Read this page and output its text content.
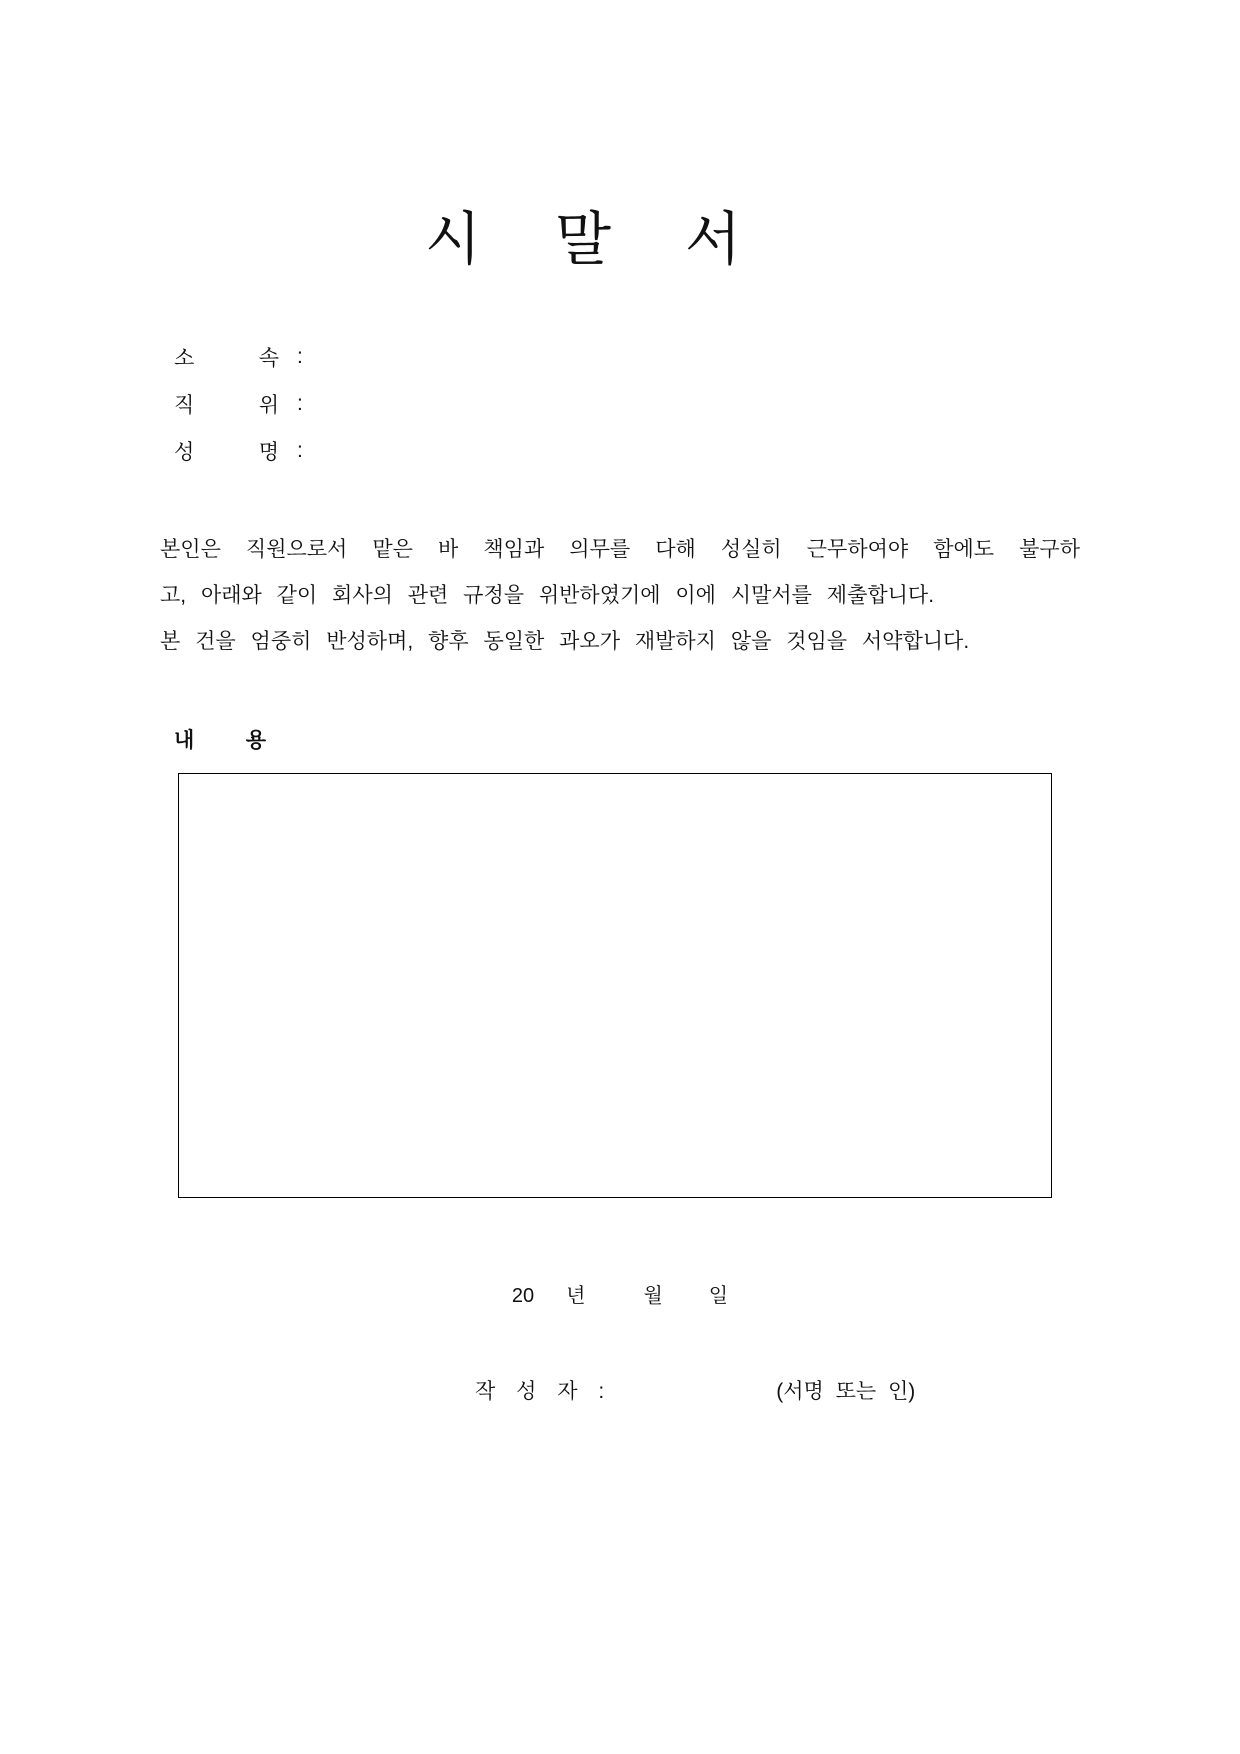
시말서
소	속 :
직	위 :
성	명 :
본인은 직원으로서 맡은 바 책임과 의무를 다해 성실히 근무하여야 함에도 불구하
고, 아래와 같이 회사의 관련 규정을 위반하였기에 이에 시말서를 제출합니다.
본 건을 엄중히 반성하며, 향후 동일한 과오가 재발하지 않을 것임을 서약합니다.
내 용
20 년	월 일
작 성 자 :	(서명 또는 인)
